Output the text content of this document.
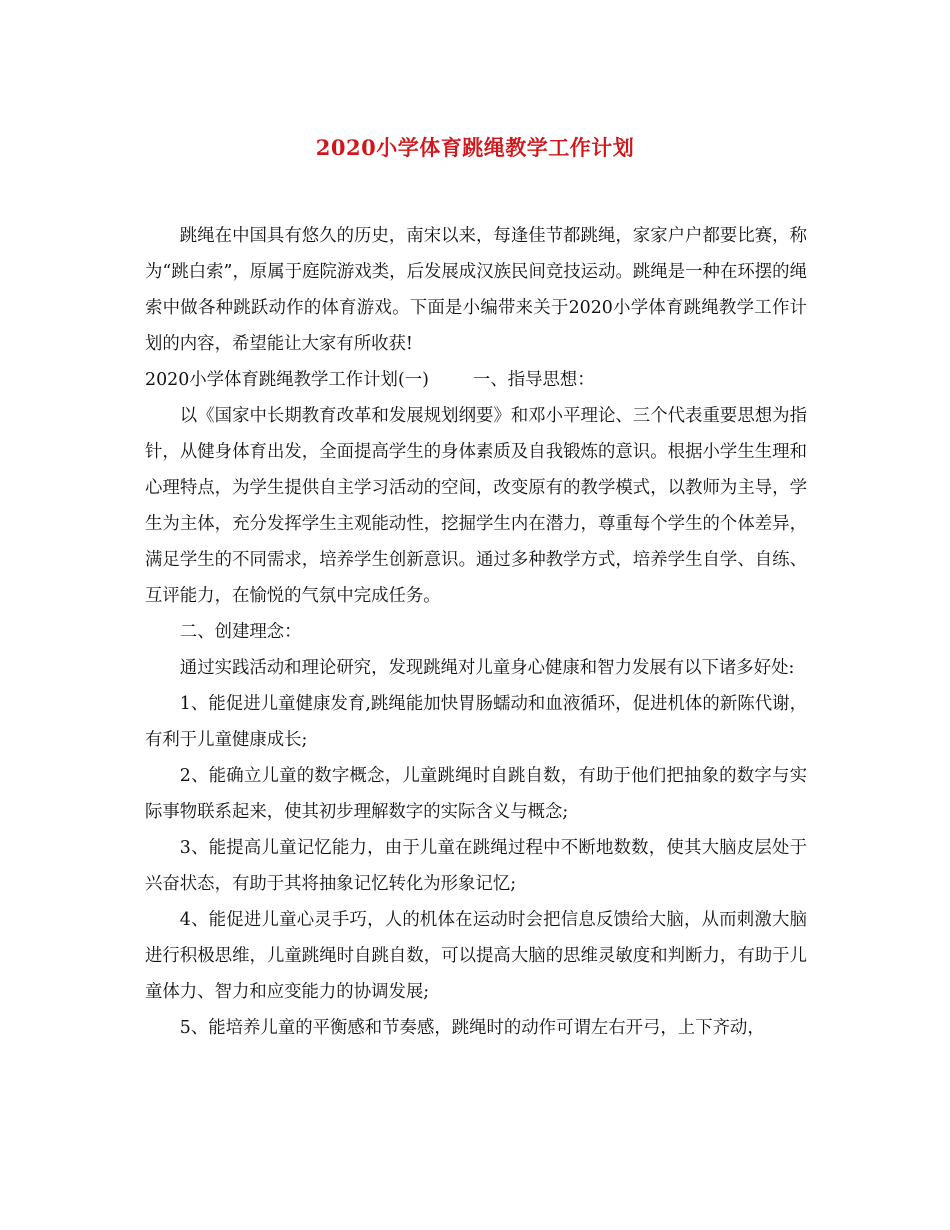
2020小学体育跳绳教学工作计划

跳绳在中国具有悠久的历史，南宋以来，每逢佳节都跳绳，家家户户都要比赛，称为“跳白索”，原属于庭院游戏类，后发展成汉族民间竞技运动。跳绳是一种在环摆的绳索中做各种跳跃动作的体育游戏。下面是小编带来关于2020小学体育跳绳教学工作计划的内容，希望能让大家有所收获!

2020小学体育跳绳教学工作计划(一)	一、指导思想：

以《国家中长期教育改革和发展规划纲要》和邓小平理论、三个代表重要思想为指针，从健身体育出发，全面提高学生的身体素质及自我锻炼的意识。根据小学生生理和心理特点，为学生提供自主学习活动的空间，改变原有的教学模式，以教师为主导，学生为主体，充分发挥学生主观能动性，挖掘学生内在潜力，尊重每个学生的个体差异，满足学生的不同需求，培养学生创新意识。通过多种教学方式，培养学生自学、自练、互评能力，在愉悦的气氛中完成任务。

二、创建理念：

通过实践活动和理论研究，发现跳绳对儿童身心健康和智力发展有以下诸多好处:

1、能促进儿童健康发育,跳绳能加快胃肠蠕动和血液循环，促进机体的新陈代谢，有利于儿童健康成长;

2、能确立儿童的数字概念，儿童跳绳时自跳自数，有助于他们把抽象的数字与实际事物联系起来，使其初步理解数字的实际含义与概念;

3、能提高儿童记忆能力，由于儿童在跳绳过程中不断地数数，使其大脑皮层处于兴奋状态，有助于其将抽象记忆转化为形象记忆;

4、能促进儿童心灵手巧，人的机体在运动时会把信息反馈给大脑，从而刺激大脑进行积极思维，儿童跳绳时自跳自数，可以提高大脑的思维灵敏度和判断力，有助于儿童体力、智力和应变能力的协调发展;

5、能培养儿童的平衡感和节奏感，跳绳时的动作可谓左右开弓，上下齐动，
